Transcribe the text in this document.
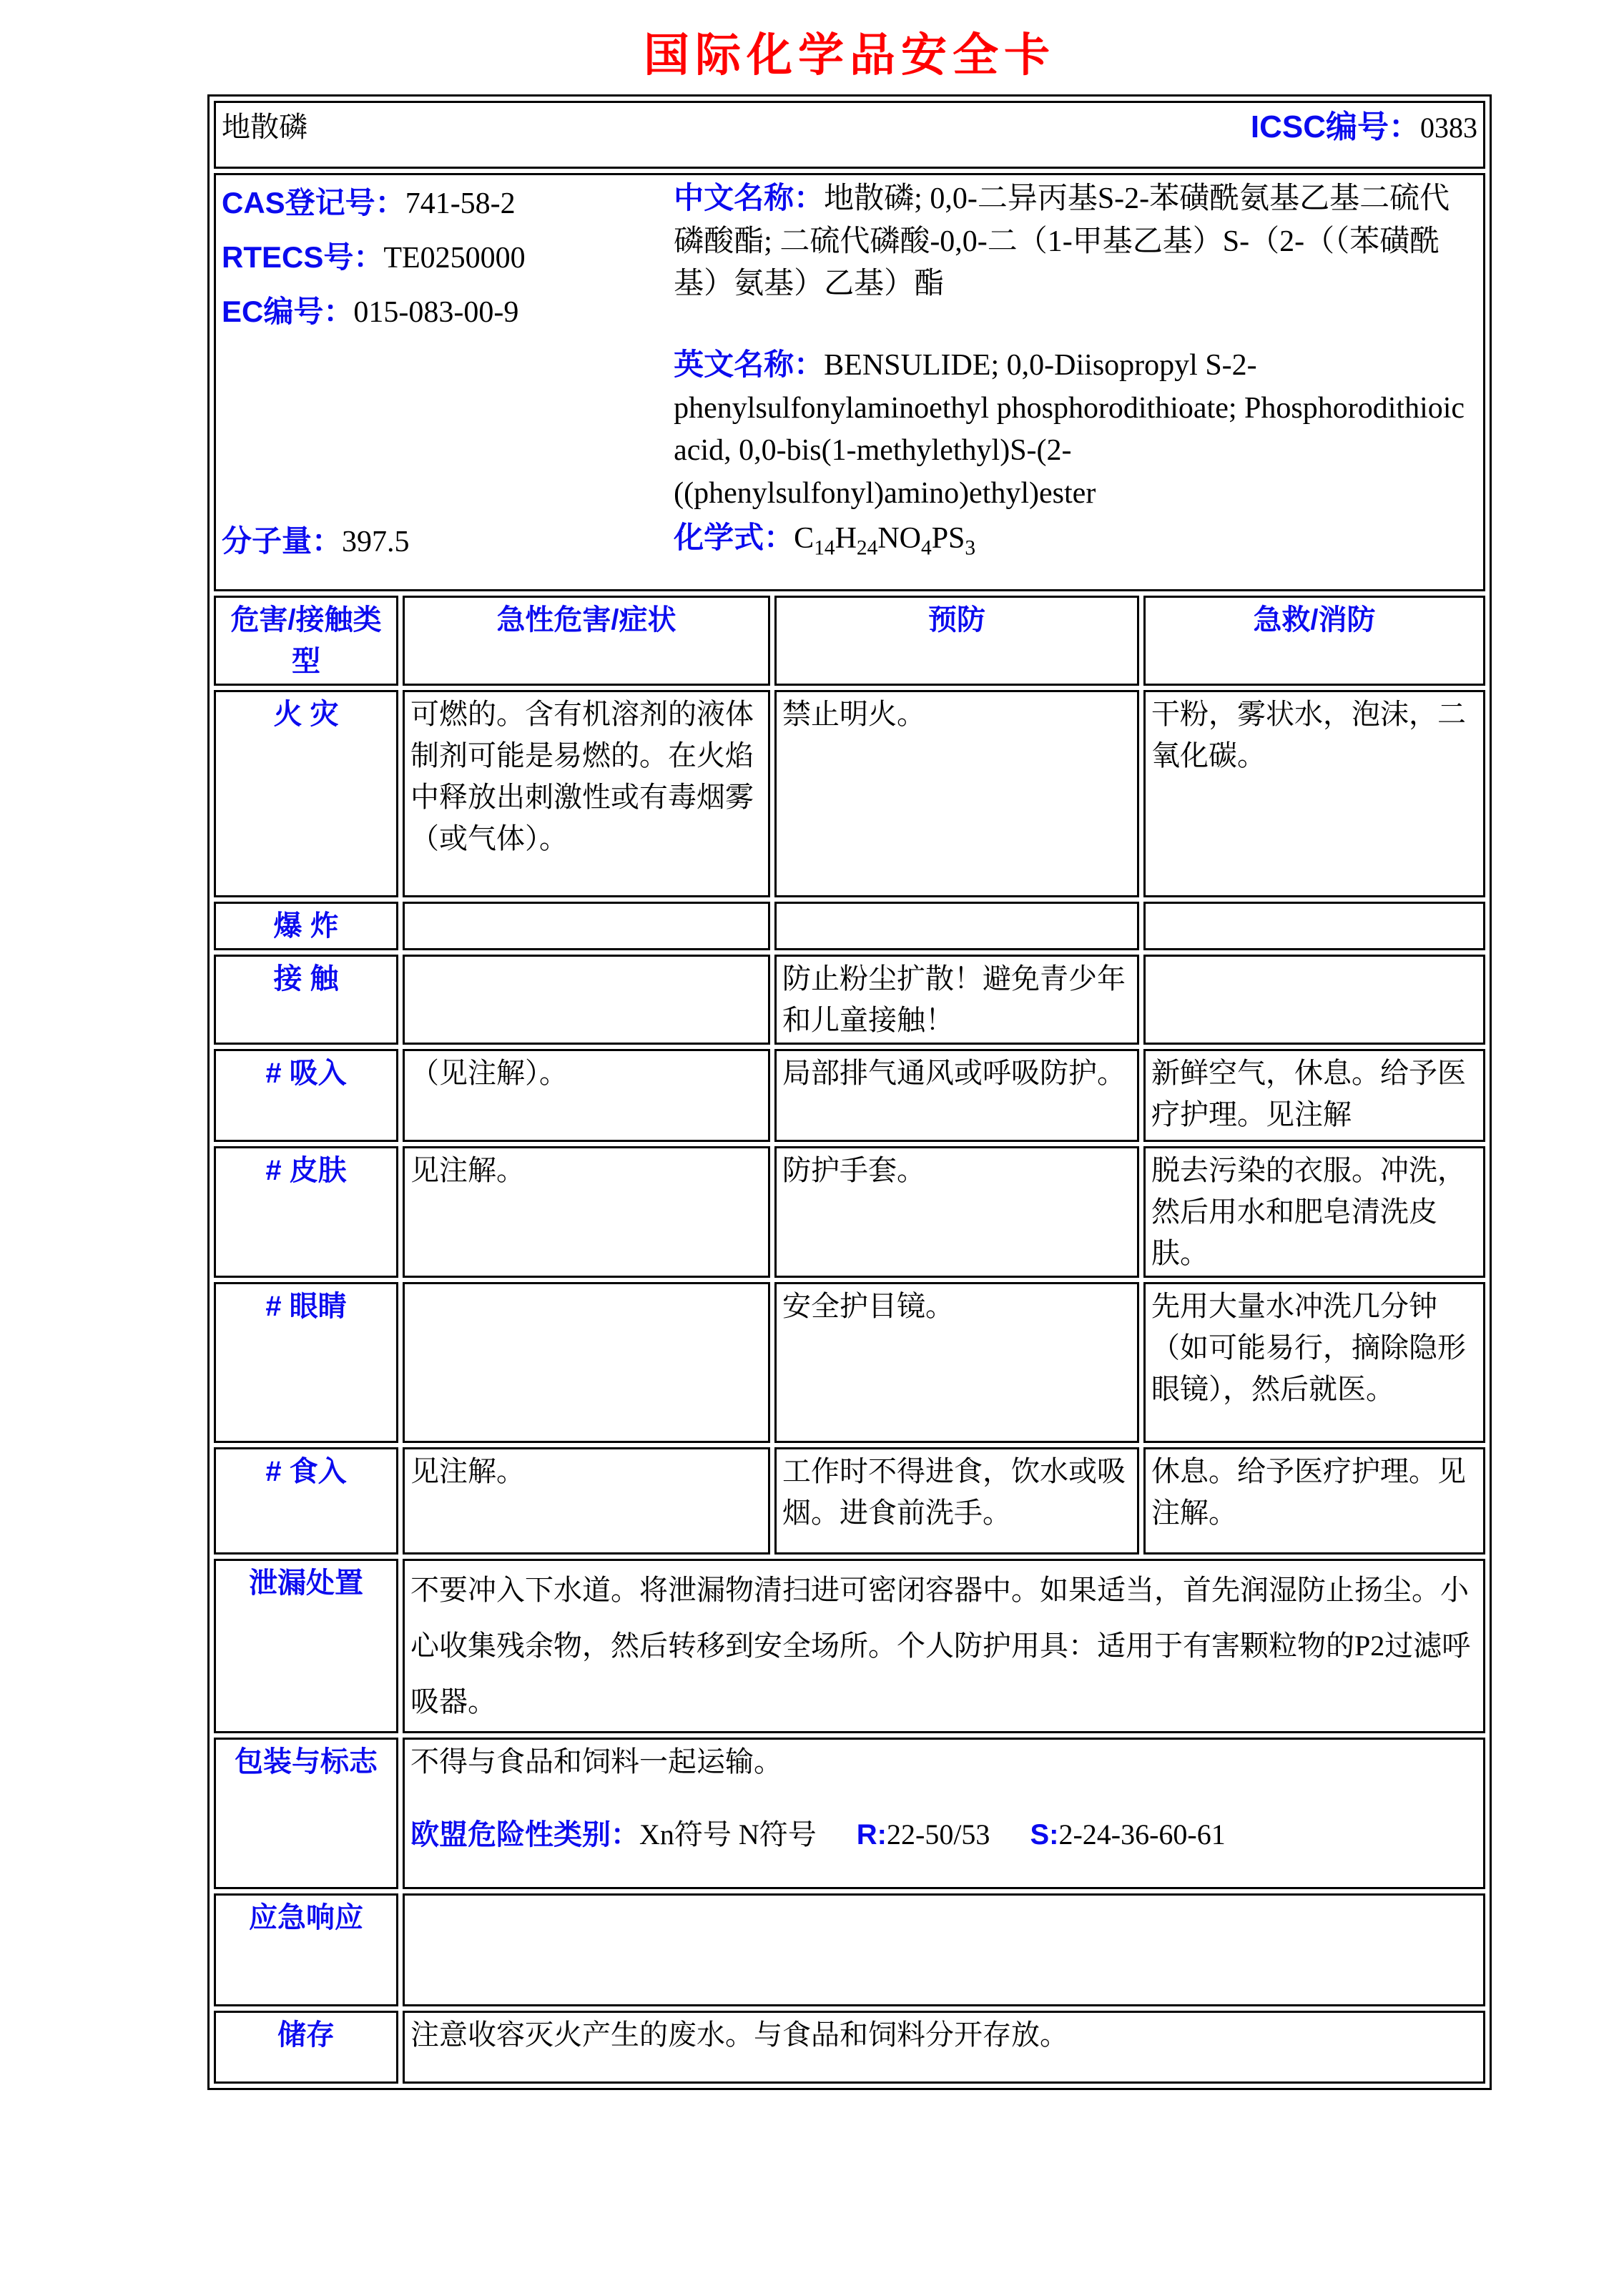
国际化学品安全卡
地散磷 ICSC编号：0383			

CAS登记号：741-58-2
RTECS号：TE0250000
EC编号：015-083-00-9
分子量：397.5
中文名称：地散磷; 0,0-二异丙基S-2-苯磺酰氨基乙基二硫代磷酸酯; 二硫代磷酸-0,0-二（1-甲基乙基）S-（2-（（苯磺酰基）氨基）乙基）酯
英文名称：BENSULIDE; 0,0-Diisopropyl S-2-phenylsulfonylaminoethyl phosphorodithioate; Phosphorodithioic acid, 0,0-bis(1-methylethyl)S-(2-((phenylsulfonyl)amino)ethyl)ester
化学式：$C_{14}H_{24}NO_4PS_3$

危害/接触类型	急性危害/症状	预防	急救/消防
火 灾	可燃的。含有机溶剂的液体制剂可能是易燃的。在火焰中释放出刺激性或有毒烟雾（或气体）。	禁止明火。	干粉，雾状水，泡沫，二氧化碳。
爆 炸			
接 触		防止粉尘扩散！避免青少年和儿童接触！	
# 吸入	（见注解）。	局部排气通风或呼吸防护。	新鲜空气，休息。给予医疗护理。见注解
# 皮肤	见注解。	防护手套。	脱去污染的衣服。冲洗，然后用水和肥皂清洗皮肤。
# 眼睛		安全护目镜。	先用大量水冲洗几分钟（如可能易行，摘除隐形眼镜），然后就医。
# 食入	见注解。	工作时不得进食，饮水或吸烟。进食前洗手。	休息。给予医疗护理。见注解。
泄漏处置	不要冲入下水道。将泄漏物清扫进可密闭容器中。如果适当，首先润湿防止扬尘。小心收集残余物，然后转移到安全场所。个人防护用具：适用于有害颗粒物的P2过滤呼吸器。		

包装与标志	不得与食品和饲料一起运输。
欧盟危险性类别：Xn符号 N符号 R:22-50/53 S:2-24-36-60-61		

应急响应			
储存	注意收容灭火产生的废水。与食品和饲料分开存放。		
